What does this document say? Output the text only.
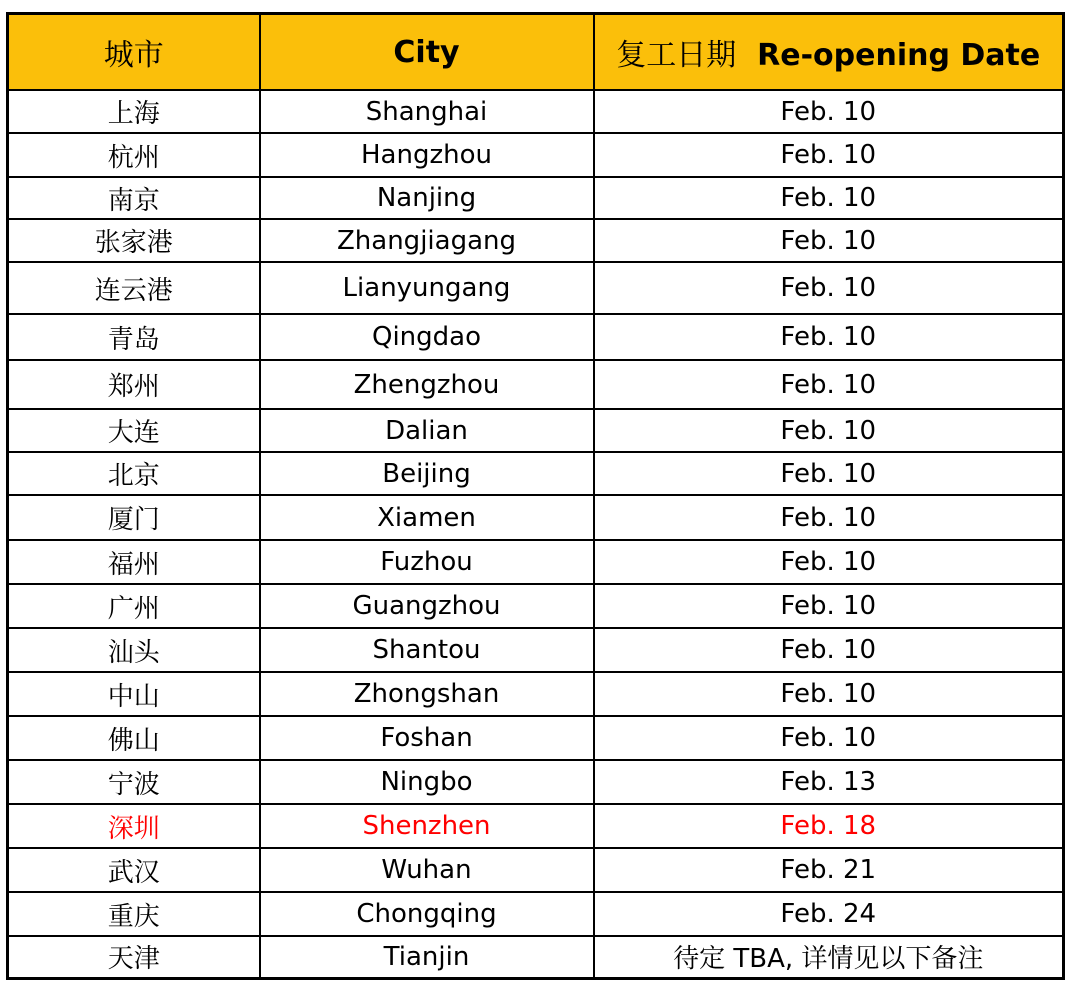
城市	City	复工日期 Re-opening Date
上海	Shanghai	Feb. 10
杭州	Hangzhou	Feb. 10
南京	Nanjing	Feb. 10
张家港	Zhangjiagang	Feb. 10
连云港	Lianyungang	Feb. 10
青岛	Qingdao	Feb. 10
郑州	Zhengzhou	Feb. 10
大连	Dalian	Feb. 10
北京	Beijing	Feb. 10
厦门	Xiamen	Feb. 10
福州	Fuzhou	Feb. 10
广州	Guangzhou	Feb. 10
汕头	Shantou	Feb. 10
中山	Zhongshan	Feb. 10
佛山	Foshan	Feb. 10
宁波	Ningbo	Feb. 13
深圳	Shenzhen	Feb. 18
武汉	Wuhan	Feb. 21
重庆	Chongqing	Feb. 24
天津	Tianjin	待定 TBA, 详情见以下备注
